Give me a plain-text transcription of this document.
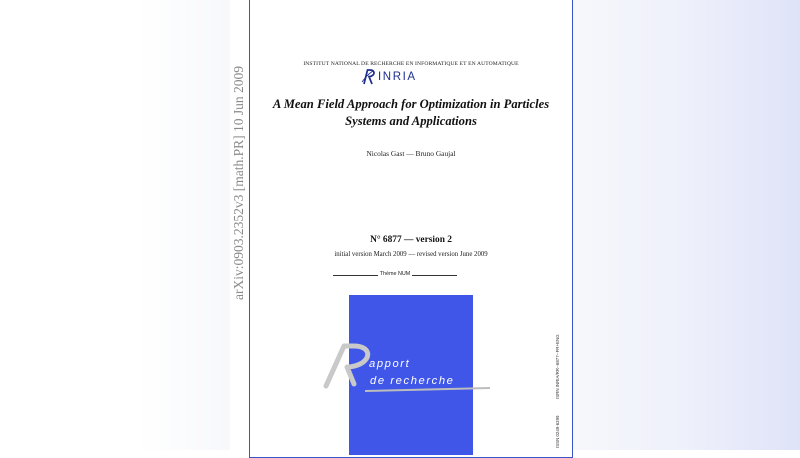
arXiv:0903.2352v3 [math.PR] 10 Jun 2009
INSTITUT NATIONAL DE RECHERCHE EN INFORMATIQUE ET EN AUTOMATIQUE
INRIA
A Mean Field Approach for Optimization in Particles
Systems and Applications
Nicolas Gast — Bruno Gaujal
N° 6877 — version 2
initial version March 2009 — revised version June 2009
Thème NUM
apport
de recherche
ISSN 0249-6399
ISRN INRIA/RR--6877--FR+ENG
